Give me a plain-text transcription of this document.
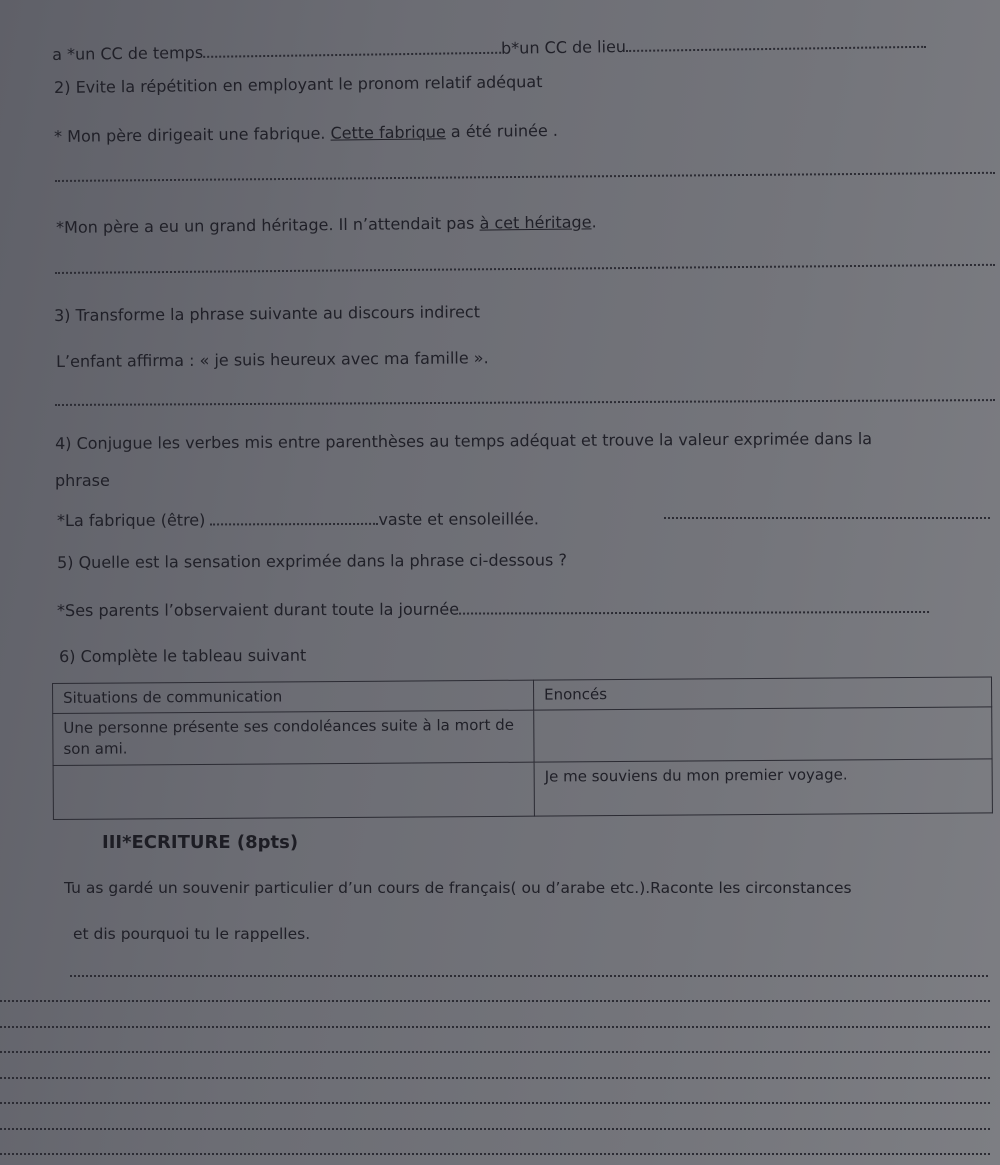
a *un CC de temps	b*un CC de lieu
2) Evite la répétition en employant le pronom relatif adéquat
* Mon père dirigeait une fabrique. Cette fabrique a été ruinée .
*Mon père a eu un grand héritage. Il n’attendait pas à cet héritage.
3) Transforme la phrase suivante au discours indirect
L’enfant affirma : « je suis heureux avec ma famille ».
4) Conjugue les verbes mis entre parenthèses au temps adéquat et trouve la valeur exprimée dans la
phrase
*La fabrique (être)	vaste et ensoleillée.
5) Quelle est la sensation exprimée dans la phrase ci-dessous ?
*Ses parents l’observaient durant toute la journée
6) Complète le tableau suivant
Situations de communication	Enoncés
Une personne présente ses condoléances suite à la mort de son ami.	
	Je me souviens du mon premier voyage.
III*ECRITURE (8pts)
Tu as gardé un souvenir particulier d’un cours de français( ou d’arabe etc.).Raconte les circonstances
et dis pourquoi tu le rappelles.
